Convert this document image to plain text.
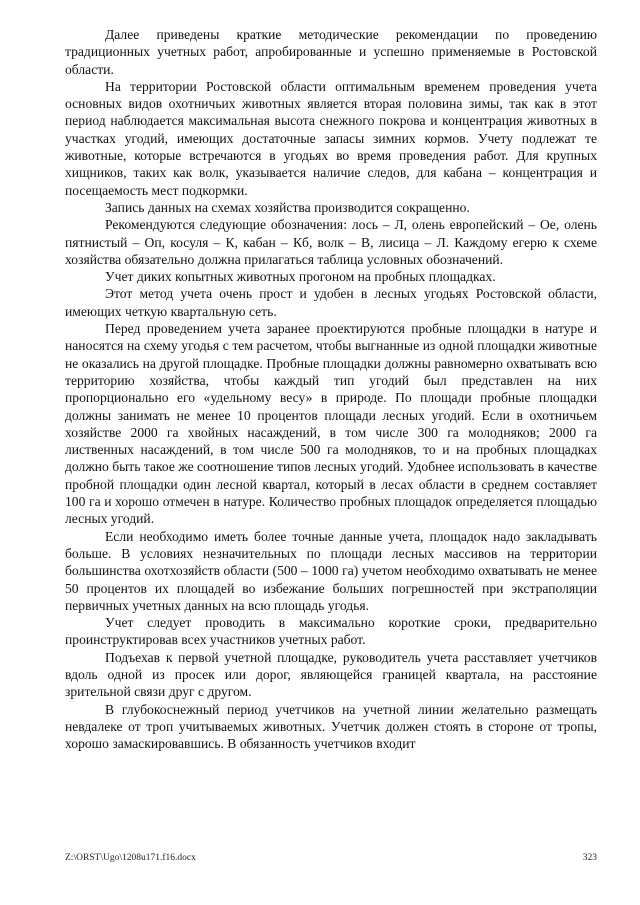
Далее приведены краткие методические рекомендации по проведению традиционных учетных работ, апробированные и успешно применяемые в Ростовской области.

На территории Ростовской области оптимальным временем проведения учета основных видов охотничьих животных является вторая половина зимы, так как в этот период наблюдается максимальная высота снежного покрова и концентрация животных в участках угодий, имеющих достаточные запасы зимних кормов. Учету подлежат те животные, которые встречаются в угодьях во время проведения работ. Для крупных хищников, таких как волк, указывается наличие следов, для кабана – концентрация и посещаемость мест подкормки.

Запись данных на схемах хозяйства производится сокращенно.

Рекомендуются следующие обозначения: лось – Л, олень европейский – Ое, олень пятнистый – Оп, косуля – К, кабан – Кб, волк – В, лисица – Л. Каждому егерю к схеме хозяйства обязательно должна прилагаться таблица условных обозначений.

Учет диких копытных животных прогоном на пробных площадках.

Этот метод учета очень прост и удобен в лесных угодьях Ростовской области, имеющих четкую квартальную сеть.

Перед проведением учета заранее проектируются пробные площадки в натуре и наносятся на схему угодья с тем расчетом, чтобы выгнанные из одной площадки животные не оказались на другой площадке. Пробные площадки должны равномерно охватывать всю территорию хозяйства, чтобы каждый тип угодий был представлен на них пропорционально его «удельному весу» в природе. По площади пробные площадки должны занимать не менее 10 процентов площади лесных угодий. Если в охотничьем хозяйстве 2000 га хвойных насаждений, в том числе 300 га молодняков; 2000 га лиственных насаждений, в том числе 500 га молодняков, то и на пробных площадках должно быть такое же соотношение типов лесных угодий. Удобнее использовать в качестве пробной площадки один лесной квартал, который в лесах области в среднем составляет 100 га и хорошо отмечен в натуре. Количество пробных площадок определяется площадью лесных угодий.

Если необходимо иметь более точные данные учета, площадок надо закладывать больше. В условиях незначительных по площади лесных массивов на территории большинства охотхозяйств области (500 – 1000 га) учетом необходимо охватывать не менее 50 процентов их площадей во избежание больших погрешностей при экстраполяции первичных учетных данных на всю площадь угодья.

Учет следует проводить в максимально короткие сроки, предварительно проинструктировав всех участников учетных работ.

Подъехав к первой учетной площадке, руководитель учета расставляет учетчиков вдоль одной из просек или дорог, являющейся границей квартала, на расстояние зрительной связи друг с другом.

В глубокоснежный период учетчиков на учетной линии желательно размещать невдалеке от троп учитываемых животных. Учетчик должен стоять в стороне от тропы, хорошо замаскировавшись. В обязанность учетчиков входит

Z:\ORST\Ugo\1208u171.f16.docx	323
